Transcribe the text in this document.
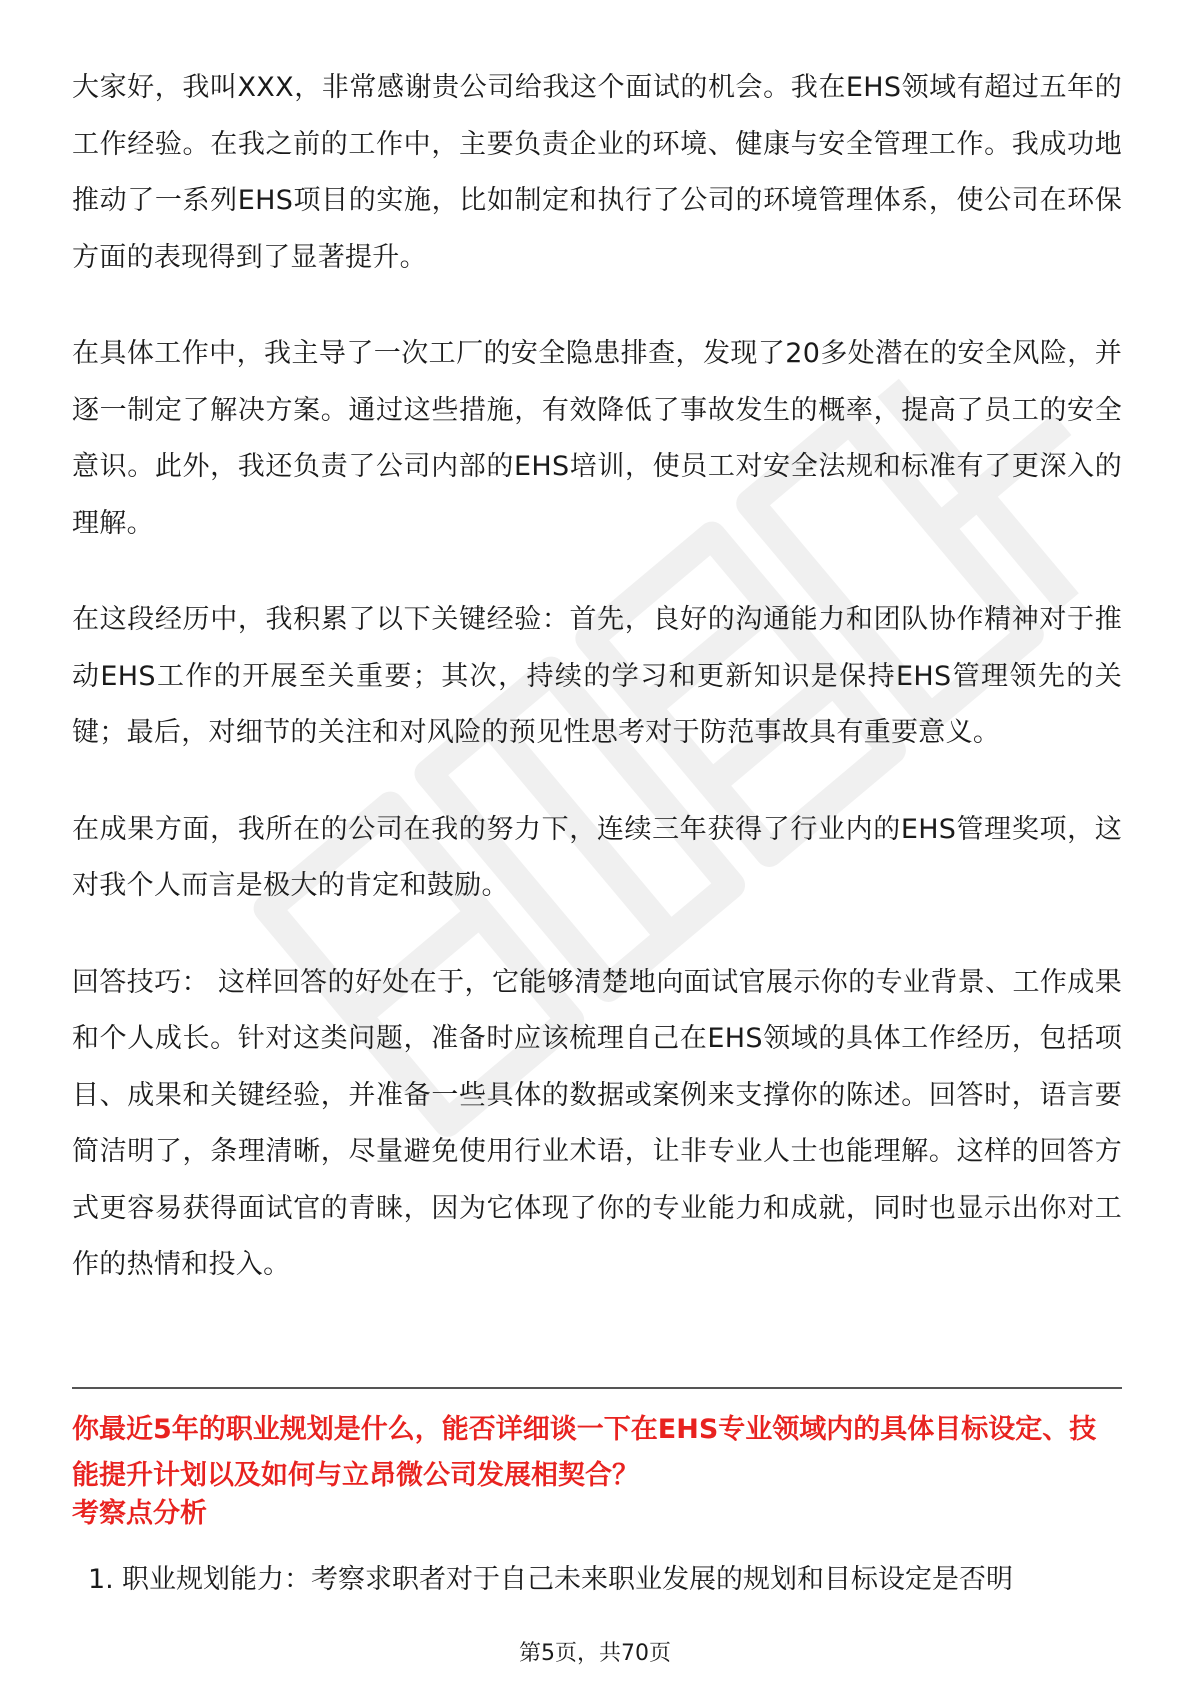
大家好，我叫XXX，非常感谢贵公司给我这个面试的机会。我在EHS领域有超过五年的工作经验。在我之前的工作中，主要负责企业的环境、健康与安全管理工作。我成功地推动了一系列EHS项目的实施，比如制定和执行了公司的环境管理体系，使公司在环保方面的表现得到了显著提升。

在具体工作中，我主导了一次工厂的安全隐患排查，发现了20多处潜在的安全风险，并逐一制定了解决方案。通过这些措施，有效降低了事故发生的概率，提高了员工的安全意识。此外，我还负责了公司内部的EHS培训，使员工对安全法规和标准有了更深入的理解。

在这段经历中，我积累了以下关键经验：首先，良好的沟通能力和团队协作精神对于推动EHS工作的开展至关重要；其次，持续的学习和更新知识是保持EHS管理领先的关键；最后，对细节的关注和对风险的预见性思考对于防范事故具有重要意义。

在成果方面，我所在的公司在我的努力下，连续三年获得了行业内的EHS管理奖项，这对我个人而言是极大的肯定和鼓励。

回答技巧： 这样回答的好处在于，它能够清楚地向面试官展示你的专业背景、工作成果和个人成长。针对这类问题，准备时应该梳理自己在EHS领域的具体工作经历，包括项目、成果和关键经验，并准备一些具体的数据或案例来支撑你的陈述。回答时，语言要简洁明了，条理清晰，尽量避免使用行业术语，让非专业人士也能理解。这样的回答方式更容易获得面试官的青睐，因为它体现了你的专业能力和成就，同时也显示出你对工作的热情和投入。

你最近5年的职业规划是什么，能否详细谈一下在EHS专业领域内的具体目标设定、技能提升计划以及如何与立昂微公司发展相契合？

考察点分析

1. 职业规划能力：考察求职者对于自己未来职业发展的规划和目标设定是否明
第5页，共70页
